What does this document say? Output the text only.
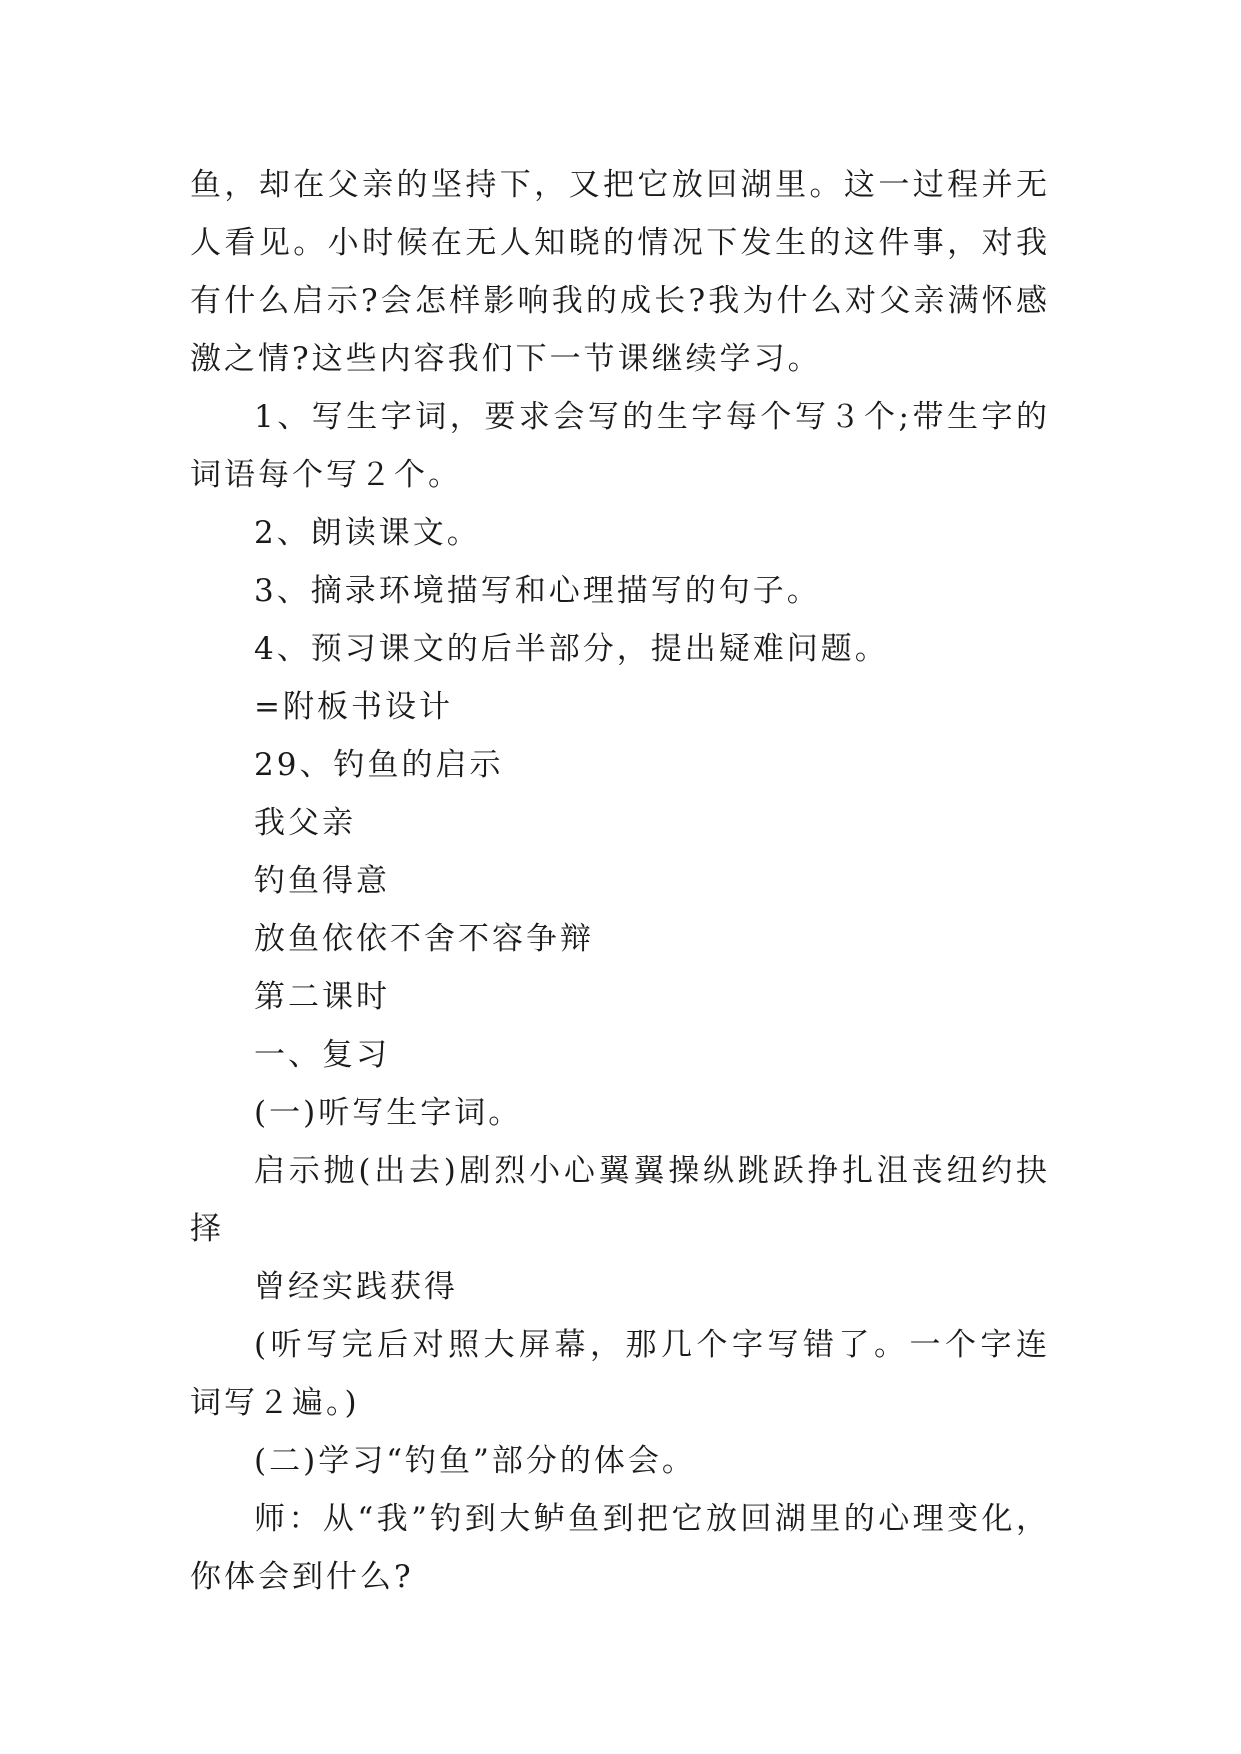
鱼，却在父亲的坚持下，又把它放回湖里。这一过程并无人看见。小时候在无人知晓的情况下发生的这件事，对我有什么启示?会怎样影响我的成长?我为什么对父亲满怀感激之情?这些内容我们下一节课继续学习。

1、写生字词，要求会写的生字每个写３个;带生字的词语每个写２个。

2、朗读课文。

3、摘录环境描写和心理描写的句子。

4、预习课文的后半部分，提出疑难问题。

=附板书设计

29、钓鱼的启示

我父亲

钓鱼得意

放鱼依依不舍不容争辩

第二课时

一、复习

(一)听写生字词。

启示抛(出去)剧烈小心翼翼操纵跳跃挣扎沮丧纽约抉择

曾经实践获得

(听写完后对照大屏幕，那几个字写错了。一个字连词写２遍。)

(二)学习“钓鱼”部分的体会。

师：从“我”钓到大鲈鱼到把它放回湖里的心理变化，你体会到什么?
